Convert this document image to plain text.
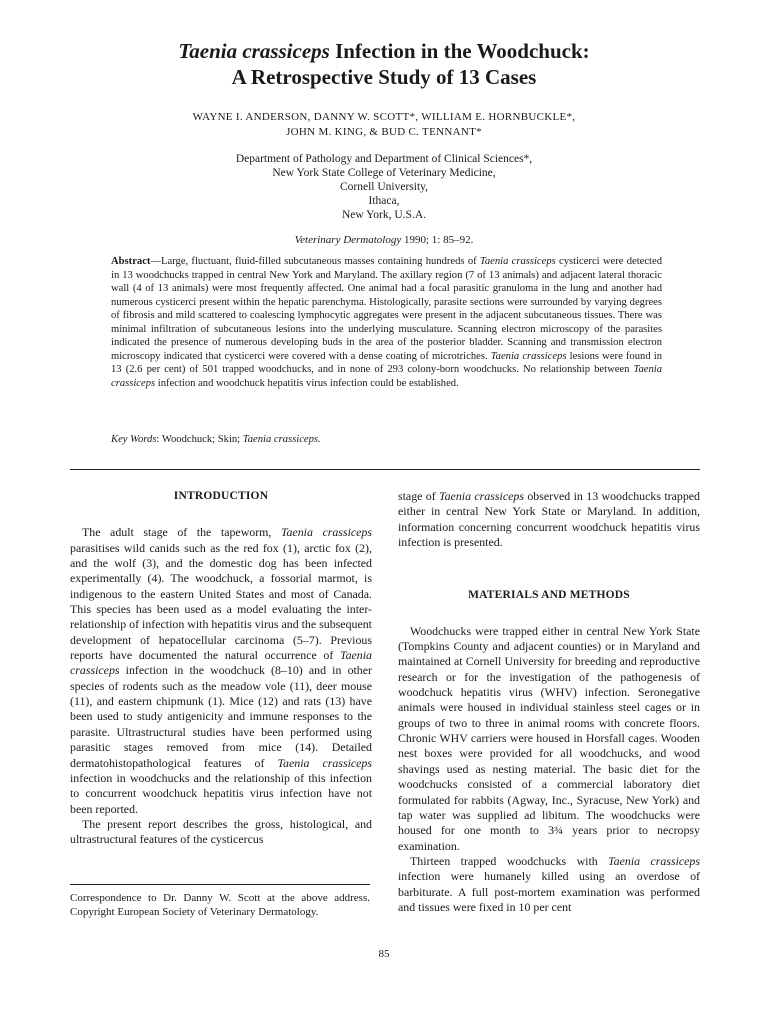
Taenia crassiceps Infection in the Woodchuck:
A Retrospective Study of 13 Cases
WAYNE I. ANDERSON, DANNY W. SCOTT*, WILLIAM E. HORNBUCKLE*,
JOHN M. KING, & BUD C. TENNANT*
Department of Pathology and Department of Clinical Sciences*,
New York State College of Veterinary Medicine,
Cornell University,
Ithaca,
New York, U.S.A.
Veterinary Dermatology 1990; 1: 85–92.

Abstract—Large, fluctuant, fluid-filled subcutaneous masses containing hundreds of Taenia crassiceps cysticerci were detected in 13 woodchucks trapped in central New York and Maryland. The axillary region (7 of 13 animals) and adjacent lateral thoracic wall (4 of 13 animals) were most frequently affected. One animal had a focal parasitic granuloma in the lung and another had numerous cysticerci present within the hepatic parenchyma. Histologically, parasite sections were surrounded by varying degrees of fibrosis and mild scattered to coalescing lymphocytic aggregates were present in the adjacent subcutaneous tissues. There was minimal infiltration of subcutaneous lesions into the underlying musculature. Scanning electron microscopy of the parasites indicated the presence of numerous developing buds in the area of the posterior bladder. Scanning and transmission electron microscopy indicated that cysticerci were covered with a dense coating of microtriches. Taenia crassiceps lesions were found in 13 (2.6 per cent) of 501 trapped woodchucks, and in none of 293 colony-born woodchucks. No relationship between Taenia crassiceps infection and woodchuck hepatitis virus infection could be established.

Key Words: Woodchuck; Skin; Taenia crassiceps.
INTRODUCTION

The adult stage of the tapeworm, Taenia crassiceps parasitises wild canids such as the red fox (1), arctic fox (2), and the wolf (3), and the domestic dog has been infected experimentally (4). The woodchuck, a fossorial marmot, is indigenous to the eastern United States and most of Canada. This species has been used as a model evaluating the inter-relationship of infection with hepatitis virus and the subsequent development of hepatocellular carcinoma (5–7). Previous reports have documented the natural occurrence of Taenia crassiceps infection in the woodchuck (8–10) and in other species of rodents such as the meadow vole (11), deer mouse (11), and eastern chipmunk (1). Mice (12) and rats (13) have been used to study antigenicity and immune responses to the parasite. Ultrastructural studies have been performed using parasitic stages removed from mice (14). Detailed dermatohistopathological features of Taenia crassiceps infection in woodchucks and the relationship of this infection to concurrent woodchuck hepatitis virus infection have not been reported.

The present report describes the gross, histological, and ultrastructural features of the cysticercus

stage of Taenia crassiceps observed in 13 woodchucks trapped either in central New York State or Maryland. In addition, information concerning concurrent woodchuck hepatitis virus infection is presented.

MATERIALS AND METHODS

Woodchucks were trapped either in central New York State (Tompkins County and adjacent counties) or in Maryland and maintained at Cornell University for breeding and reproductive research or for the investigation of the pathogenesis of woodchuck hepatitis virus (WHV) infection. Seronegative animals were housed in individual stainless steel cages or in groups of two to three in animal rooms with concrete floors. Chronic WHV carriers were housed in Horsfall cages. Wooden nest boxes were provided for all woodchucks, and wood shavings used as nesting material. The basic diet for the woodchucks consisted of a commercial laboratory diet formulated for rabbits (Agway, Inc., Syracuse, New York) and tap water was supplied ad libitum. The woodchucks were housed for one month to 3¾ years prior to necropsy examination.

Thirteen trapped woodchucks with Taenia crassiceps infection were humanely killed using an overdose of barbiturate. A full post-mortem examination was performed and tissues were fixed in 10 per cent

Correspondence to Dr. Danny W. Scott at the above address. Copyright European Society of Veterinary Dermatology.
85
